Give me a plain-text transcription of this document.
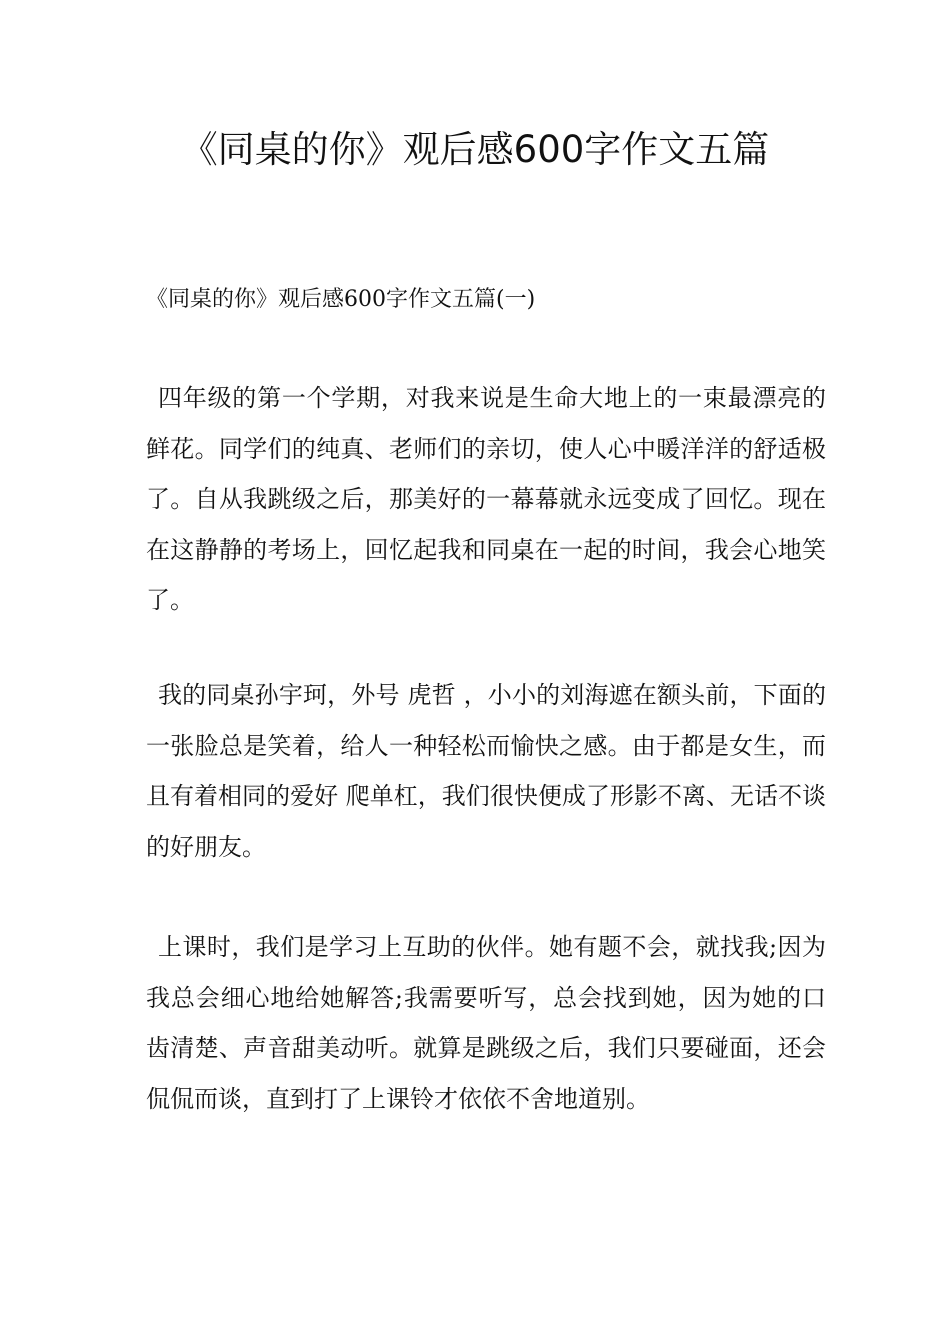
《同桌的你》观后感600字作文五篇
《同桌的你》观后感600字作文五篇(一)

四年级的第一个学期，对我来说是生命大地上的一束最漂亮的鲜花。同学们的纯真、老师们的亲切，使人心中暖洋洋的舒适极了。自从我跳级之后，那美好的一幕幕就永远变成了回忆。现在在这静静的考场上，回忆起我和同桌在一起的时间，我会心地笑了。

我的同桌孙宇珂，外号 虎哲 ，小小的刘海遮在额头前，下面的一张脸总是笑着，给人一种轻松而愉快之感。由于都是女生，而且有着相同的爱好 爬单杠，我们很快便成了形影不离、无话不谈的好朋友。

上课时，我们是学习上互助的伙伴。她有题不会，就找我;因为我总会细心地给她解答;我需要听写，总会找到她，因为她的口齿清楚、声音甜美动听。就算是跳级之后，我们只要碰面，还会侃侃而谈，直到打了上课铃才依依不舍地道别。
